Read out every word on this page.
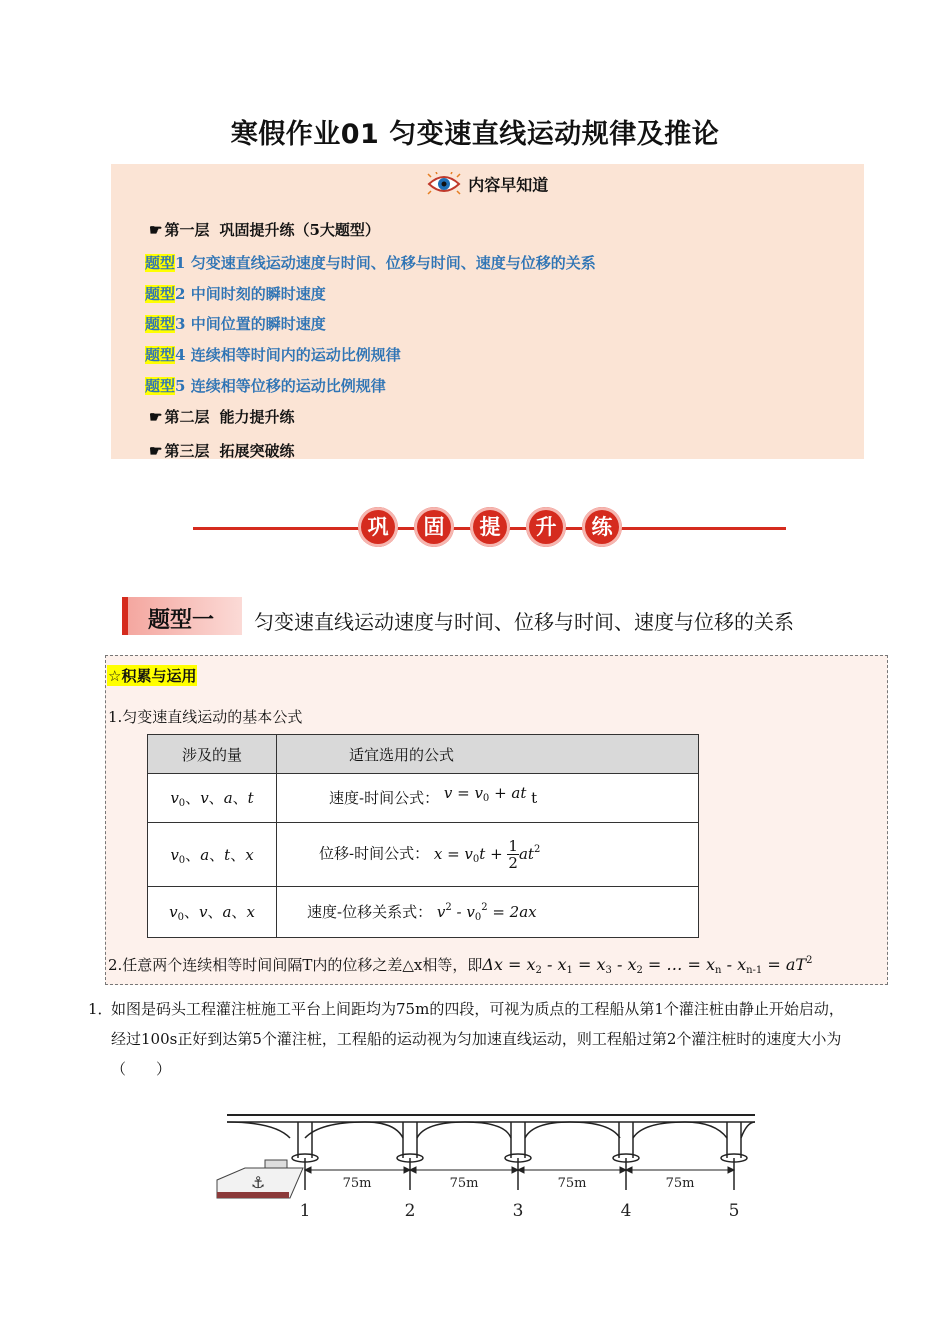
寒假作业01 匀变速直线运动规律及推论
内容早知道
☛ 第一层 巩固提升练（5大题型）
题型1 匀变速直线运动速度与时间、位移与时间、速度与位移的关系
题型2 中间时刻的瞬时速度
题型3 中间位置的瞬时速度
题型4 连续相等时间内的运动比例规律
题型5 连续相等位移的运动比例规律
☛ 第二层 能力提升练
☛ 第三层 拓展突破练
巩	固	提	升	练
题型一 匀变速直线运动速度与时间、位移与时间、速度与位移的关系
☆积累与运用
1.匀变速直线运动的基本公式
涉及的量	适宜选用的公式
$v_0$、v、a、t	速度-时间公式： $v = v_0$ + at t
$v_0$、a、t、x	位移-时间公式： $x = v_0t + \frac{1}{2} at^2$
$v_0$、v、a、x	速度-位移关系式： $v^2 - v_0^2 = 2ax$
2.任意两个连续相等时间间隔T内的位移之差△x相等，即$\Delta x = x_2 - x_1 = x_3 - x_2$ = … = $x_n - x_{n-1} = aT^2$
1．
如图是码头工程灌注桩施工平台上间距均为75m的四段，可视为质点的工程船从第1个灌注桩由静止开始启动，经过100s正好到达第5个灌注桩，工程船的运动视为匀加速直线运动，则工程船过第2个灌注桩时的速度大小为（　　）
⚓	75m	75m	75m	75m
1	2	3	4	5
